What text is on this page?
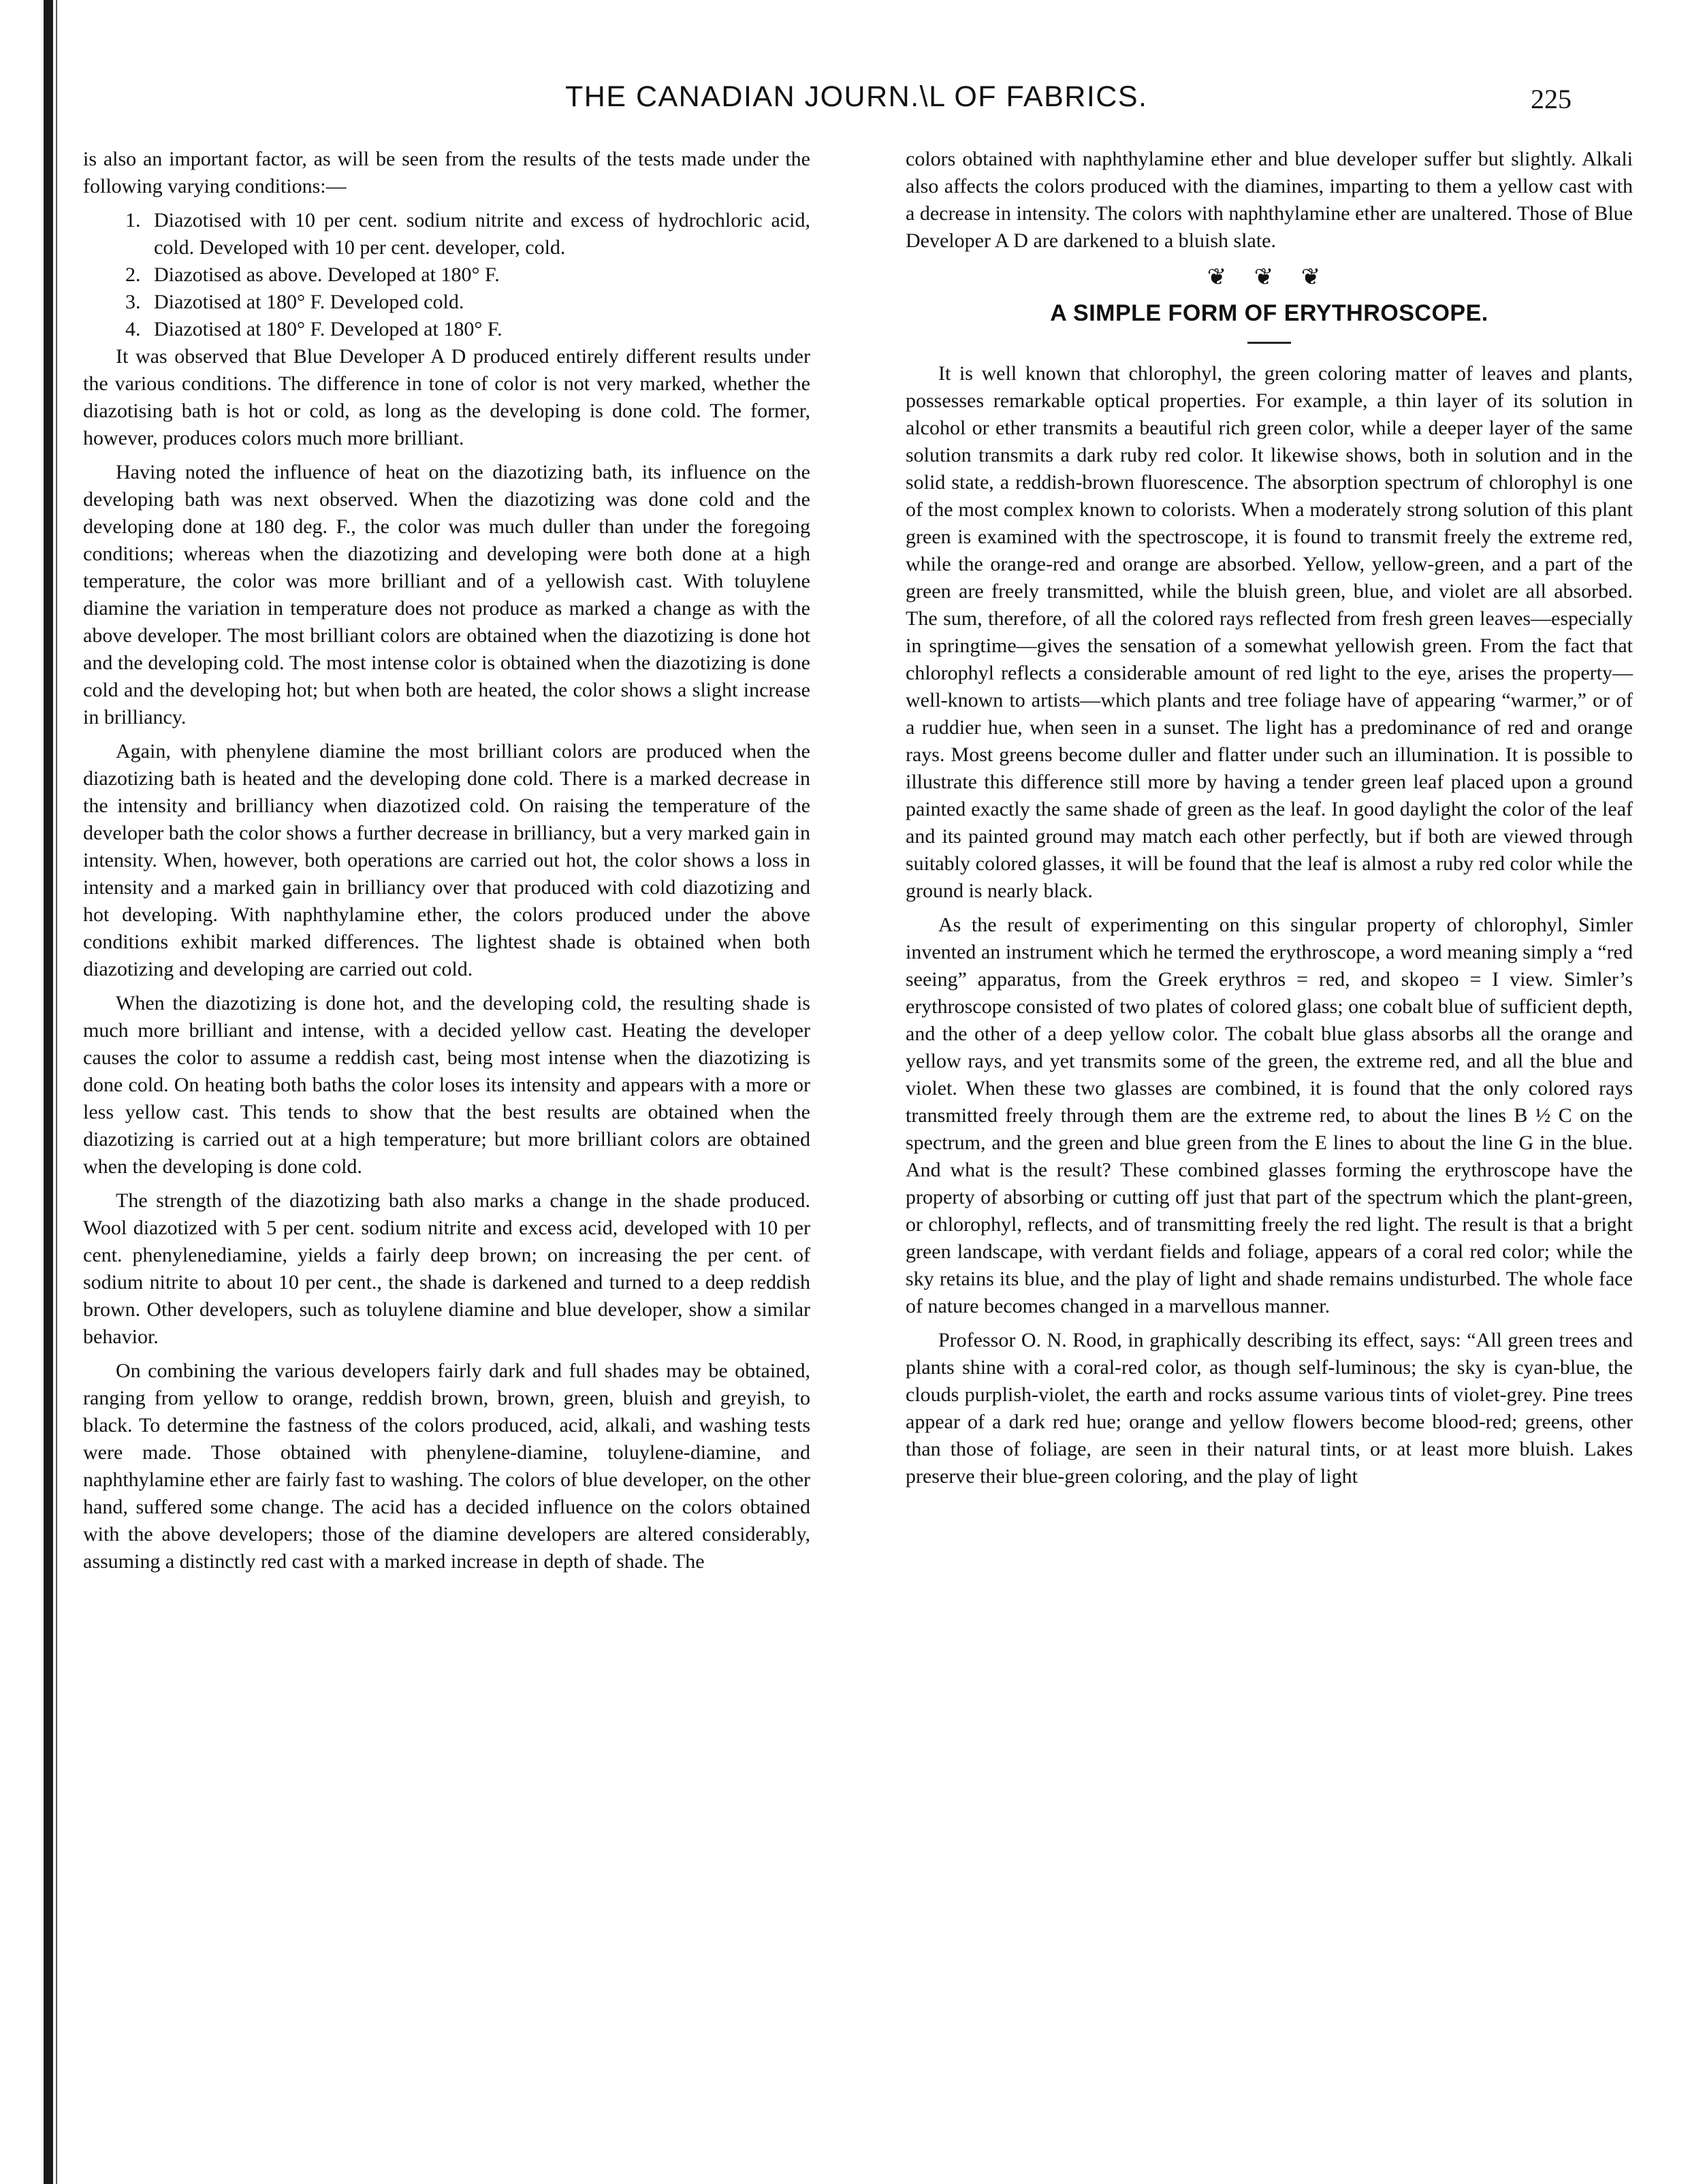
THE CANADIAN JOURN.\L OF FABRICS.	225

is also an important factor, as will be seen from the results of the tests made under the following varying conditions:—

1. Diazotised with 10 per cent. sodium nitrite and excess of hydrochloric acid, cold. Developed with 10 per cent. developer, cold.
2. Diazotised as above. Developed at 180° F.
3. Diazotised at 180° F. Developed cold.
4. Diazotised at 180° F. Developed at 180° F.

It was observed that Blue Developer A D produced entirely different results under the various conditions. The difference in tone of color is not very marked, whether the diazotising bath is hot or cold, as long as the developing is done cold. The former, however, produces colors much more brilliant.

Having noted the influence of heat on the diazotizing bath, its influence on the developing bath was next observed. When the diazotizing was done cold and the developing done at 180 deg. F., the color was much duller than under the foregoing conditions; whereas when the diazotizing and developing were both done at a high temperature, the color was more brilliant and of a yellowish cast. With toluylene diamine the variation in temperature does not produce as marked a change as with the above developer. The most brilliant colors are obtained when the diazotizing is done hot and the developing cold. The most intense color is obtained when the diazotizing is done cold and the developing hot; but when both are heated, the color shows a slight increase in brilliancy.

Again, with phenylene diamine the most brilliant colors are produced when the diazotizing bath is heated and the developing done cold. There is a marked decrease in the intensity and brilliancy when diazotized cold. On raising the temperature of the developer bath the color shows a further decrease in brilliancy, but a very marked gain in intensity. When, however, both operations are carried out hot, the color shows a loss in intensity and a marked gain in brilliancy over that produced with cold diazotizing and hot developing. With naphthylamine ether, the colors produced under the above conditions exhibit marked differences. The lightest shade is obtained when both diazotizing and developing are carried out cold.

When the diazotizing is done hot, and the developing cold, the resulting shade is much more brilliant and intense, with a decided yellow cast. Heating the developer causes the color to assume a reddish cast, being most intense when the diazotizing is done cold. On heating both baths the color loses its intensity and appears with a more or less yellow cast. This tends to show that the best results are obtained when the diazotizing is carried out at a high temperature; but more brilliant colors are obtained when the developing is done cold.

The strength of the diazotizing bath also marks a change in the shade produced. Wool diazotized with 5 per cent. sodium nitrite and excess acid, developed with 10 per cent. phenylenediamine, yields a fairly deep brown; on increasing the per cent. of sodium nitrite to about 10 per cent., the shade is darkened and turned to a deep reddish brown. Other developers, such as toluylene diamine and blue developer, show a similar behavior.

On combining the various developers fairly dark and full shades may be obtained, ranging from yellow to orange, reddish brown, brown, green, bluish and greyish, to black. To determine the fastness of the colors produced, acid, alkali, and washing tests were made. Those obtained with phenylene-diamine, toluylene-diamine, and naphthylamine ether are fairly fast to washing. The colors of blue developer, on the other hand, suffered some change. The acid has a decided influence on the colors obtained with the above developers; those of the diamine developers are altered considerably, assuming a distinctly red cast with a marked increase in depth of shade. The

colors obtained with naphthylamine ether and blue developer suffer but slightly. Alkali also affects the colors produced with the diamines, imparting to them a yellow cast with a decrease in intensity. The colors with naphthylamine ether are unaltered. Those of Blue Developer A D are darkened to a bluish slate.

❦ ❦ ❦
A SIMPLE FORM OF ERYTHROSCOPE.

It is well known that chlorophyl, the green coloring matter of leaves and plants, possesses remarkable optical properties. For example, a thin layer of its solution in alcohol or ether transmits a beautiful rich green color, while a deeper layer of the same solution transmits a dark ruby red color. It likewise shows, both in solution and in the solid state, a reddish-brown fluorescence. The absorption spectrum of chlorophyl is one of the most complex known to colorists. When a moderately strong solution of this plant green is examined with the spectroscope, it is found to transmit freely the extreme red, while the orange-red and orange are absorbed. Yellow, yellow-green, and a part of the green are freely transmitted, while the bluish green, blue, and violet are all absorbed. The sum, therefore, of all the colored rays reflected from fresh green leaves—especially in springtime—gives the sensation of a somewhat yellowish green. From the fact that chlorophyl reflects a considerable amount of red light to the eye, arises the property—well-known to artists—which plants and tree foliage have of appearing “warmer,” or of a ruddier hue, when seen in a sunset. The light has a predominance of red and orange rays. Most greens become duller and flatter under such an illumination. It is possible to illustrate this difference still more by having a tender green leaf placed upon a ground painted exactly the same shade of green as the leaf. In good daylight the color of the leaf and its painted ground may match each other perfectly, but if both are viewed through suitably colored glasses, it will be found that the leaf is almost a ruby red color while the ground is nearly black.

As the result of experimenting on this singular property of chlorophyl, Simler invented an instrument which he termed the erythroscope, a word meaning simply a “red seeing” apparatus, from the Greek erythros = red, and skopeo = I view. Simler’s erythroscope consisted of two plates of colored glass; one cobalt blue of sufficient depth, and the other of a deep yellow color. The cobalt blue glass absorbs all the orange and yellow rays, and yet transmits some of the green, the extreme red, and all the blue and violet. When these two glasses are combined, it is found that the only colored rays transmitted freely through them are the extreme red, to about the lines B ½ C on the spectrum, and the green and blue green from the E lines to about the line G in the blue. And what is the result? These combined glasses forming the erythroscope have the property of absorbing or cutting off just that part of the spectrum which the plant-green, or chlorophyl, reflects, and of transmitting freely the red light. The result is that a bright green landscape, with verdant fields and foliage, appears of a coral red color; while the sky retains its blue, and the play of light and shade remains undisturbed. The whole face of nature becomes changed in a marvellous manner.

Professor O. N. Rood, in graphically describing its effect, says: “All green trees and plants shine with a coral-red color, as though self-luminous; the sky is cyan-blue, the clouds purplish-violet, the earth and rocks assume various tints of violet-grey. Pine trees appear of a dark red hue; orange and yellow flowers become blood-red; greens, other than those of foliage, are seen in their natural tints, or at least more bluish. Lakes preserve their blue-green coloring, and the play of light
